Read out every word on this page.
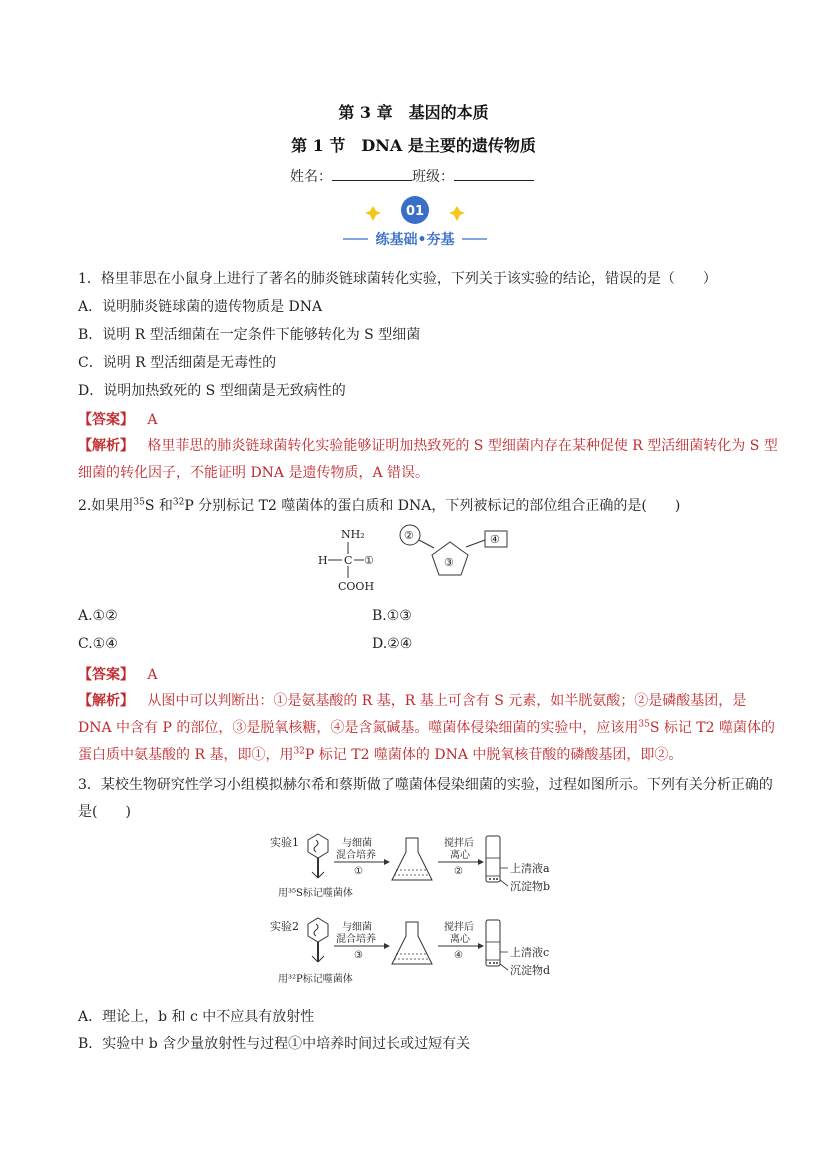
第 3 章　基因的本质
第 1 节　DNA 是主要的遗传物质
姓名：	班级：
01
练基础•夯基
1．格里菲思在小鼠身上进行了著名的肺炎链球菌转化实验，下列关于该实验的结论，错误的是（　　）
A．说明肺炎链球菌的遗传物质是 DNA
B．说明 R 型活细菌在一定条件下能够转化为 S 型细菌
C．说明 R 型活细菌是无毒性的
D．说明加热致死的 S 型细菌是无致病性的
【答案】 A
【解析】 格里菲思的肺炎链球菌转化实验能够证明加热致死的 S 型细菌内存在某种促使 R 型活细菌转化为 S 型细菌的转化因子，不能证明 DNA 是遗传物质，A 错误。
2.如果用$^{35}$S 和$^{32}$P 分别标记 T2 噬菌体的蛋白质和 DNA，下列被标记的部位组合正确的是(　　)
NH₂
H C ①
COOH
②
③
④
A.①②	B.①③
C.①④	D.②④
【答案】 A
【解析】 从图中可以判断出：①是氨基酸的 R 基，R 基上可含有 S 元素，如半胱氨酸；②是磷酸基团，是 DNA 中含有 P 的部位，③是脱氧核糖，④是含氮碱基。噬菌体侵染细菌的实验中，应该用$^{35}$S 标记 T2 噬菌体的蛋白质中氨基酸的 R 基，即①，用$^{32}$P 标记 T2 噬菌体的 DNA 中脱氧核苷酸的磷酸基团，即②。
3．某校生物研究性学习小组模拟赫尔希和蔡斯做了噬菌体侵染细菌的实验，过程如图所示。下列有关分析正确的是(　　)
实验1
用³⁵S标记噬菌体
与细菌
混合培养
①
搅拌后
离心
②	上清液a
沉淀物b
实验2
用³²P标记噬菌体
与细菌
混合培养
③
搅拌后
离心
④	上清液c
沉淀物d
A．理论上，b 和 c 中不应具有放射性
B．实验中 b 含少量放射性与过程①中培养时间过长或过短有关
